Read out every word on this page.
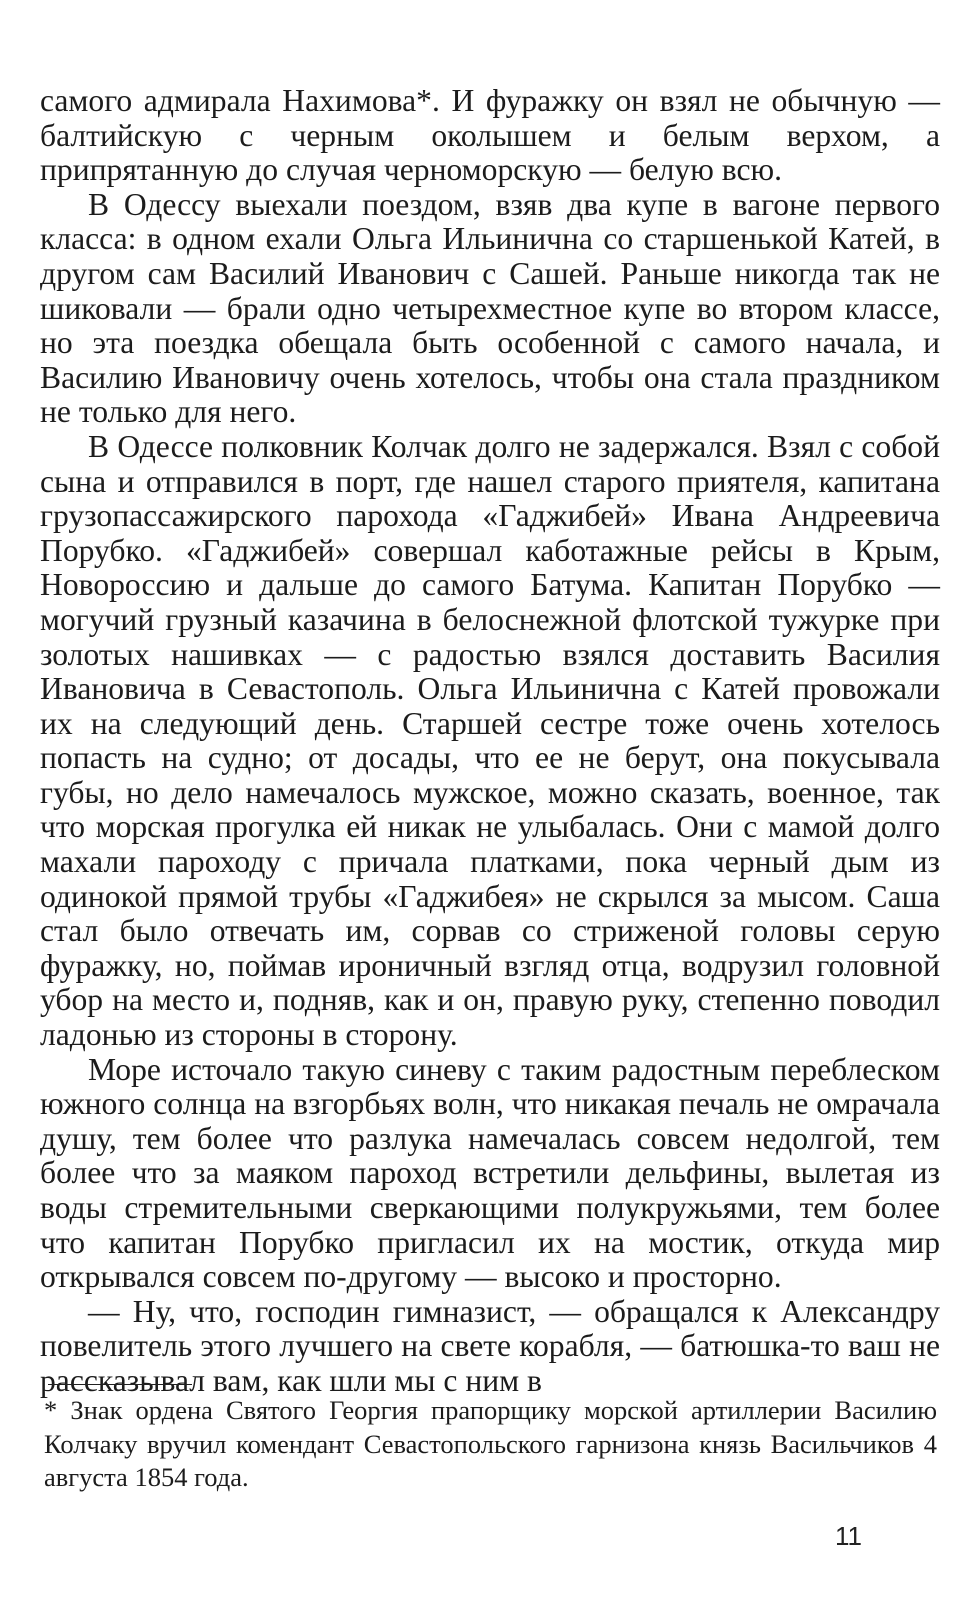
самого адмирала Нахимова*. И фуражку он взял не обычную — балтийскую с черным околышем и белым верхом, а припрятанную до случая черноморскую — белую всю.

В Одессу выехали поездом, взяв два купе в вагоне первого класса: в одном ехали Ольга Ильинична со старшенькой Катей, в другом сам Василий Иванович с Сашей. Раньше никогда так не шиковали — брали одно четырехместное купе во втором классе, но эта поездка обещала быть особенной с самого начала, и Василию Ивановичу очень хотелось, чтобы она стала праздником не только для него.

В Одессе полковник Колчак долго не задержался. Взял с собой сына и отправился в порт, где нашел старого приятеля, капитана грузопассажирского парохода «Гаджибей» Ивана Андреевича Порубко. «Гаджибей» совершал каботажные рейсы в Крым, Новороссию и дальше до самого Батума. Капитан Порубко — могучий грузный казачина в белоснежной флотской тужурке при золотых нашивках — с радостью взялся доставить Василия Ивановича в Севастополь. Ольга Ильинична с Катей провожали их на следующий день. Старшей сестре тоже очень хотелось попасть на судно; от досады, что ее не берут, она покусывала губы, но дело намечалось мужское, можно сказать, военное, так что морская прогулка ей никак не улыбалась. Они с мамой долго махали пароходу с причала платками, пока черный дым из одинокой прямой трубы «Гаджибея» не скрылся за мысом. Саша стал было отвечать им, сорвав со стриженой головы серую фуражку, но, поймав ироничный взгляд отца, водрузил головной убор на место и, подняв, как и он, правую руку, степенно поводил ладонью из стороны в сторону.

Море источало такую синеву с таким радостным переблеском южного солнца на взгорбьях волн, что никакая печаль не омрачала душу, тем более что разлука намечалась совсем недолгой, тем более что за маяком пароход встретили дельфины, вылетая из воды стремительными сверкающими полукружьями, тем более что капитан Порубко пригласил их на мостик, откуда мир открывался совсем по-другому — высоко и просторно.

— Ну, что, господин гимназист, — обращался к Александру повелитель этого лучшего на свете корабля, — батюшка-то ваш не рассказывал вам, как шли мы с ним в

* Знак ордена Святого Георгия прапорщику морской артиллерии Василию Колчаку вручил комендант Севастопольского гарнизона князь Васильчиков 4 августа 1854 года.

11
